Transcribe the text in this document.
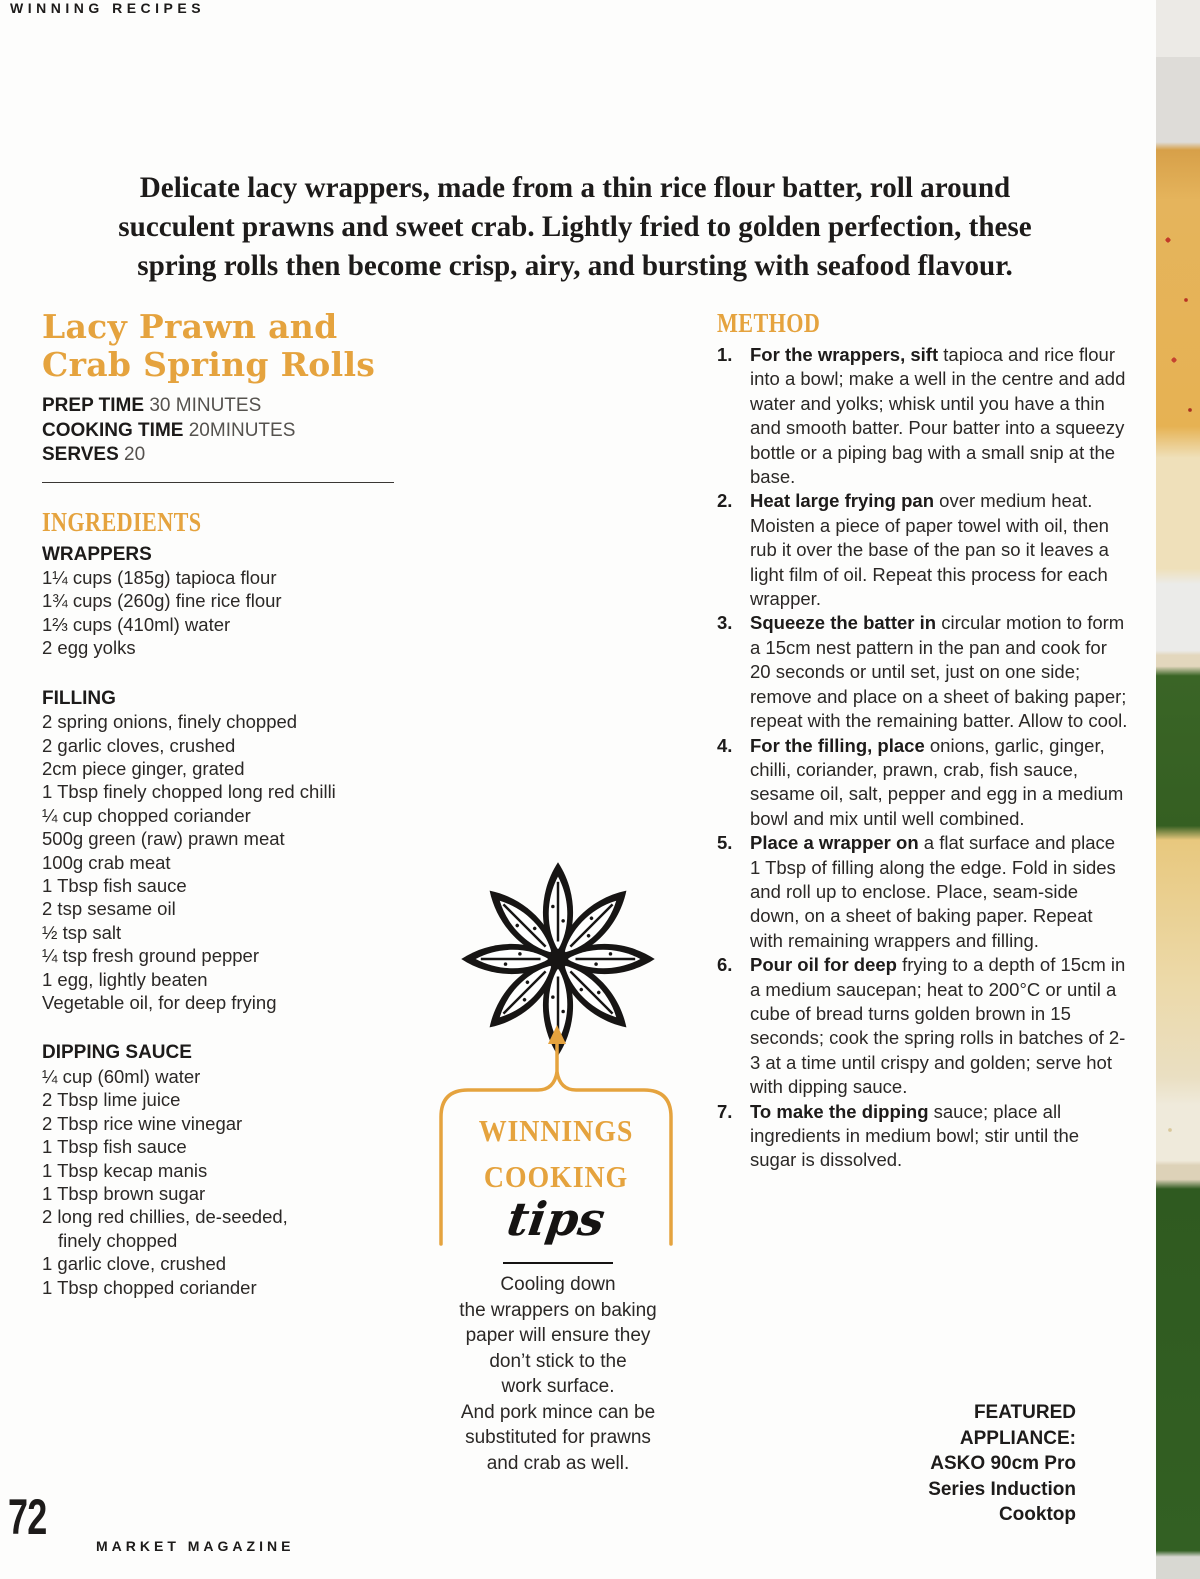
WINNING RECIPES
Delicate lacy wrappers, made from a thin rice flour batter, roll around
succulent prawns and sweet crab. Lightly fried to golden perfection, these
spring rolls then become crisp, airy, and bursting with seafood flavour.
Lacy Prawn and
Crab Spring Rolls
PREP TIME 30 MINUTES
COOKING TIME 20MINUTES
SERVES 20
INGREDIENTS
WRAPPERS
1¼ cups (185g) tapioca flour
1¾ cups (260g) fine rice flour
1⅔ cups (410ml) water
2 egg yolks
FILLING
2 spring onions, finely chopped
2 garlic cloves, crushed
2cm piece ginger, grated
1 Tbsp finely chopped long red chilli
¼ cup chopped coriander
500g green (raw) prawn meat
100g crab meat
1 Tbsp fish sauce
2 tsp sesame oil
½ tsp salt
¼ tsp fresh ground pepper
1 egg, lightly beaten
Vegetable oil, for deep frying
DIPPING SAUCE
¼ cup (60ml) water
2 Tbsp lime juice
2 Tbsp rice wine vinegar
1 Tbsp fish sauce
1 Tbsp kecap manis
1 Tbsp brown sugar
2 long red chillies, de-seeded,
finely chopped
1 garlic clove, crushed
1 Tbsp chopped coriander
METHOD
1. For the wrappers, sift tapioca and rice flour into a bowl; make a well in the centre and add water and yolks; whisk until you have a thin and smooth batter. Pour batter into a squeezy bottle or a piping bag with a small snip at the base.
2. Heat large frying pan over medium heat. Moisten a piece of paper towel with oil, then rub it over the base of the pan so it leaves a light film of oil. Repeat this process for each wrapper.
3. Squeeze the batter in circular motion to form a 15cm nest pattern in the pan and cook for 20 seconds or until set, just on one side; remove and place on a sheet of baking paper; repeat with the remaining batter. Allow to cool.
4. For the filling, place onions, garlic, ginger, chilli, coriander, prawn, crab, fish sauce, sesame oil, salt, pepper and egg in a medium bowl and mix until well combined.
5. Place a wrapper on a flat surface and place 1 Tbsp of filling along the edge. Fold in sides and roll up to enclose. Place, seam-side down, on a sheet of baking paper. Repeat with remaining wrappers and filling.
6. Pour oil for deep frying to a depth of 15cm in a medium saucepan; heat to 200°C or until a cube of bread turns golden brown in 15 seconds; cook the spring rolls in batches of 2-3 at a time until crispy and golden; serve hot with dipping sauce.
7. To make the dipping sauce; place all ingredients in medium bowl; stir until the sugar is dissolved.
WINNINGS
COOKING
tips
Cooling down
the wrappers on baking
paper will ensure they
don’t stick to the
work surface.
And pork mince can be
substituted for prawns
and crab as well.
FEATURED
APPLIANCE:
ASKO 90cm Pro
Series Induction
Cooktop
72
MARKET MAGAZINE
